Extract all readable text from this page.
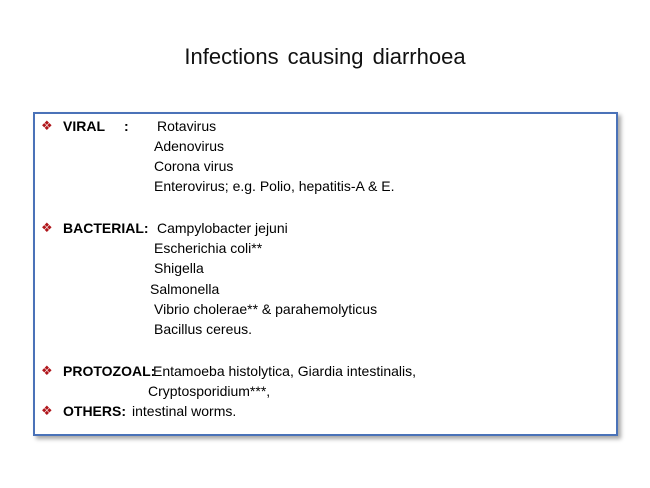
Infections causing diarrhoea
❖ VIRAL : Rotavirus
Adenovirus
Corona virus
Enterovirus; e.g. Polio, hepatitis-A & E.
❖ BACTERIAL: Campylobacter jejuni
Escherichia coli**
Shigella
Salmonella
Vibrio cholerae** & parahemolyticus
Bacillus cereus.
❖ PROTOZOAL:
Entamoeba histolytica, Giardia intestinalis,
Cryptosporidium***,
❖ OTHERS: intestinal worms.
